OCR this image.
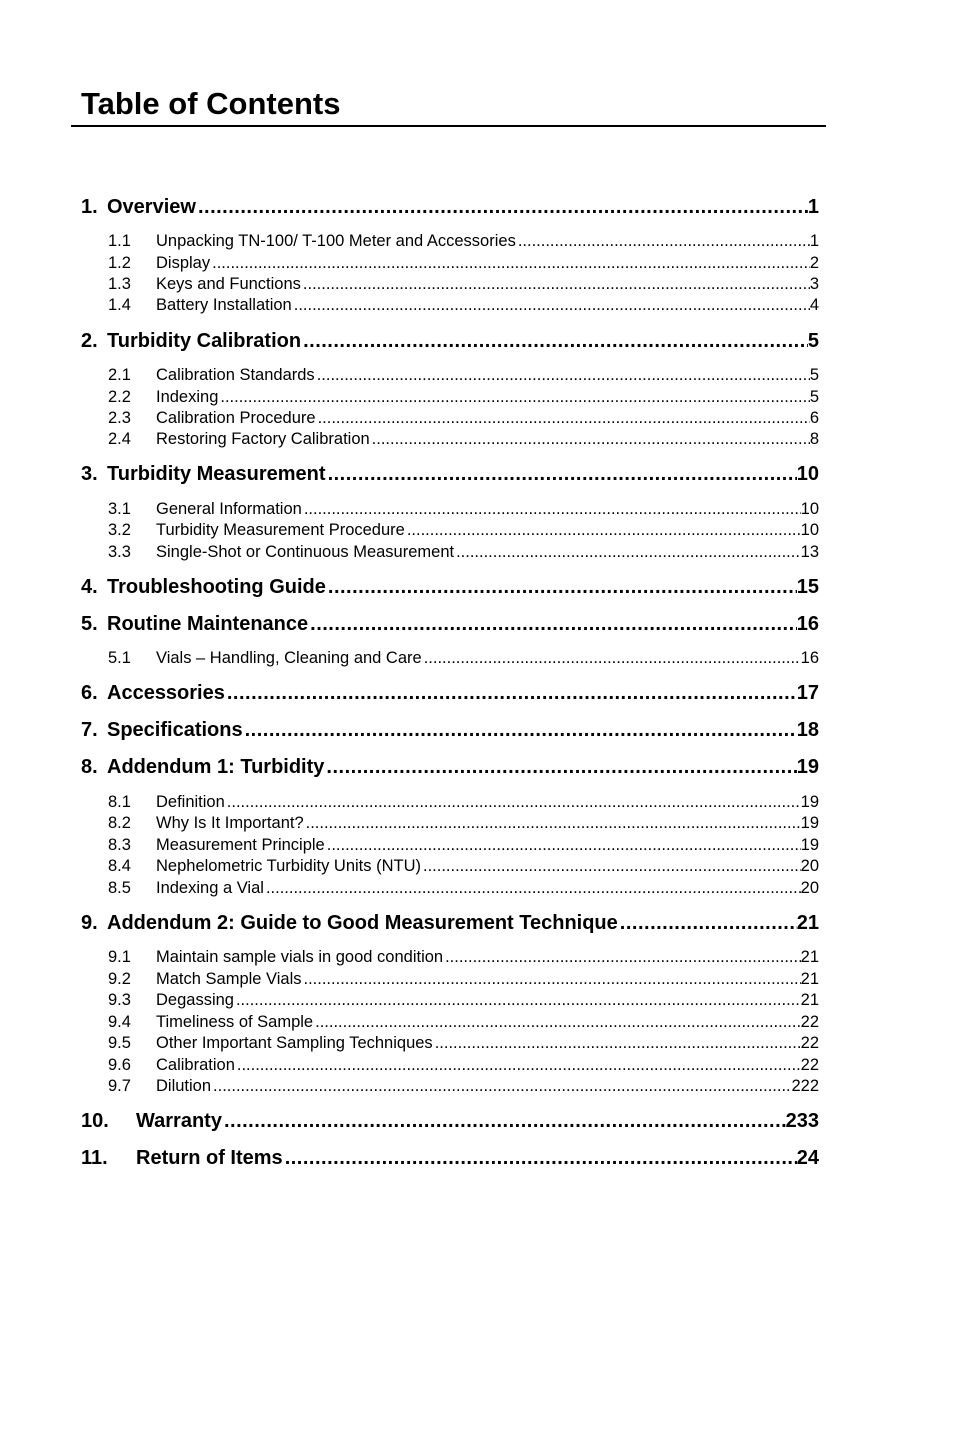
Table of Contents
1. Overview .....	1
1.1	Unpacking TN-100/ T-100 Meter and Accessories .....	1
1.2	Display .....	2
1.3	Keys and Functions .....	3
1.4	Battery Installation .....	4
2. Turbidity Calibration .....	5
2.1	Calibration Standards .....	5
2.2	Indexing .....	5
2.3	Calibration Procedure .....	6
2.4	Restoring Factory Calibration .....	8
3. Turbidity Measurement .....	10
3.1	General Information .....	10
3.2	Turbidity Measurement Procedure .....	10
3.3	Single-Shot or Continuous Measurement .....	13
4. Troubleshooting Guide .....	15
5. Routine Maintenance .....	16
5.1	Vials – Handling, Cleaning and Care .....	16
6. Accessories .....	17
7. Specifications .....	18
8. Addendum 1: Turbidity .....	19
8.1	Definition .....	19
8.2	Why Is It Important? .....	19
8.3	Measurement Principle .....	19
8.4	Nephelometric Turbidity Units (NTU) .....	20
8.5	Indexing a Vial .....	20
9. Addendum 2: Guide to Good Measurement Technique .....	21
9.1	Maintain sample vials in good condition .....	21
9.2	Match Sample Vials .....	21
9.3	Degassing .....	21
9.4	Timeliness of Sample .....	22
9.5	Other Important Sampling Techniques .....	22
9.6	Calibration .....	22
9.7	Dilution .....	222
10.	Warranty .....	233
11.	Return of Items .....	24
